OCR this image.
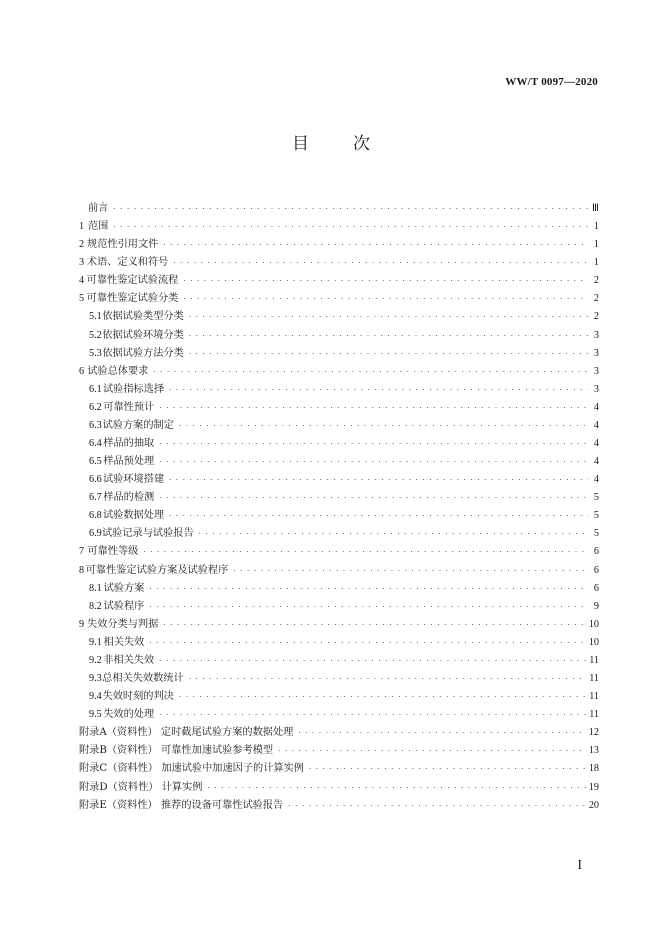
WW/T 0097—2020
目次
前言 · · ·	Ⅲ
1 范围 · · ·	1
2 规范性引用文件 · · ·	1
3 术语、定义和符号 · · ·	1
4 可靠性鉴定试验流程 · · ·	2
5 可靠性鉴定试验分类 · · ·	2
5.1 依据试验类型分类 · · ·	2
5.2 依据试验环境分类 · · ·	3
5.3 依据试验方法分类 · · ·	3
6 试验总体要求 · · ·	3
6.1 试验指标选择 · · ·	3
6.2 可靠性预计 · · ·	4
6.3 试验方案的制定 · · ·	4
6.4 样品的抽取 · · ·	4
6.5 样品预处理 · · ·	4
6.6 试验环境搭建 · · ·	4
6.7 样品的检测 · · ·	5
6.8 试验数据处理 · · ·	5
6.9 试验记录与试验报告 · · ·	5
7 可靠性等级 · · ·	6
8 可靠性鉴定试验方案及试验程序 · · ·	6
8.1 试验方案 · · ·	6
8.2 试验程序 · · ·	9
9 失效分类与判据 · · ·	10
9.1 相关失效 · · ·	10
9.2 非相关失效 · · ·	11
9.3 总相关失效数统计 · · ·	11
9.4 失效时刻的判决 · · ·	11
9.5 失效的处理 · · ·	11
附录A（资料性） 定时截尾试验方案的数据处理 · · ·	12
附录B（资料性） 可靠性加速试验参考模型 · · ·	13
附录C（资料性） 加速试验中加速因子的计算实例 · · ·	18
附录D（资料性） 计算实例 · · ·	19
附录E（资料性） 推荐的设备可靠性试验报告 · · ·	20
I
